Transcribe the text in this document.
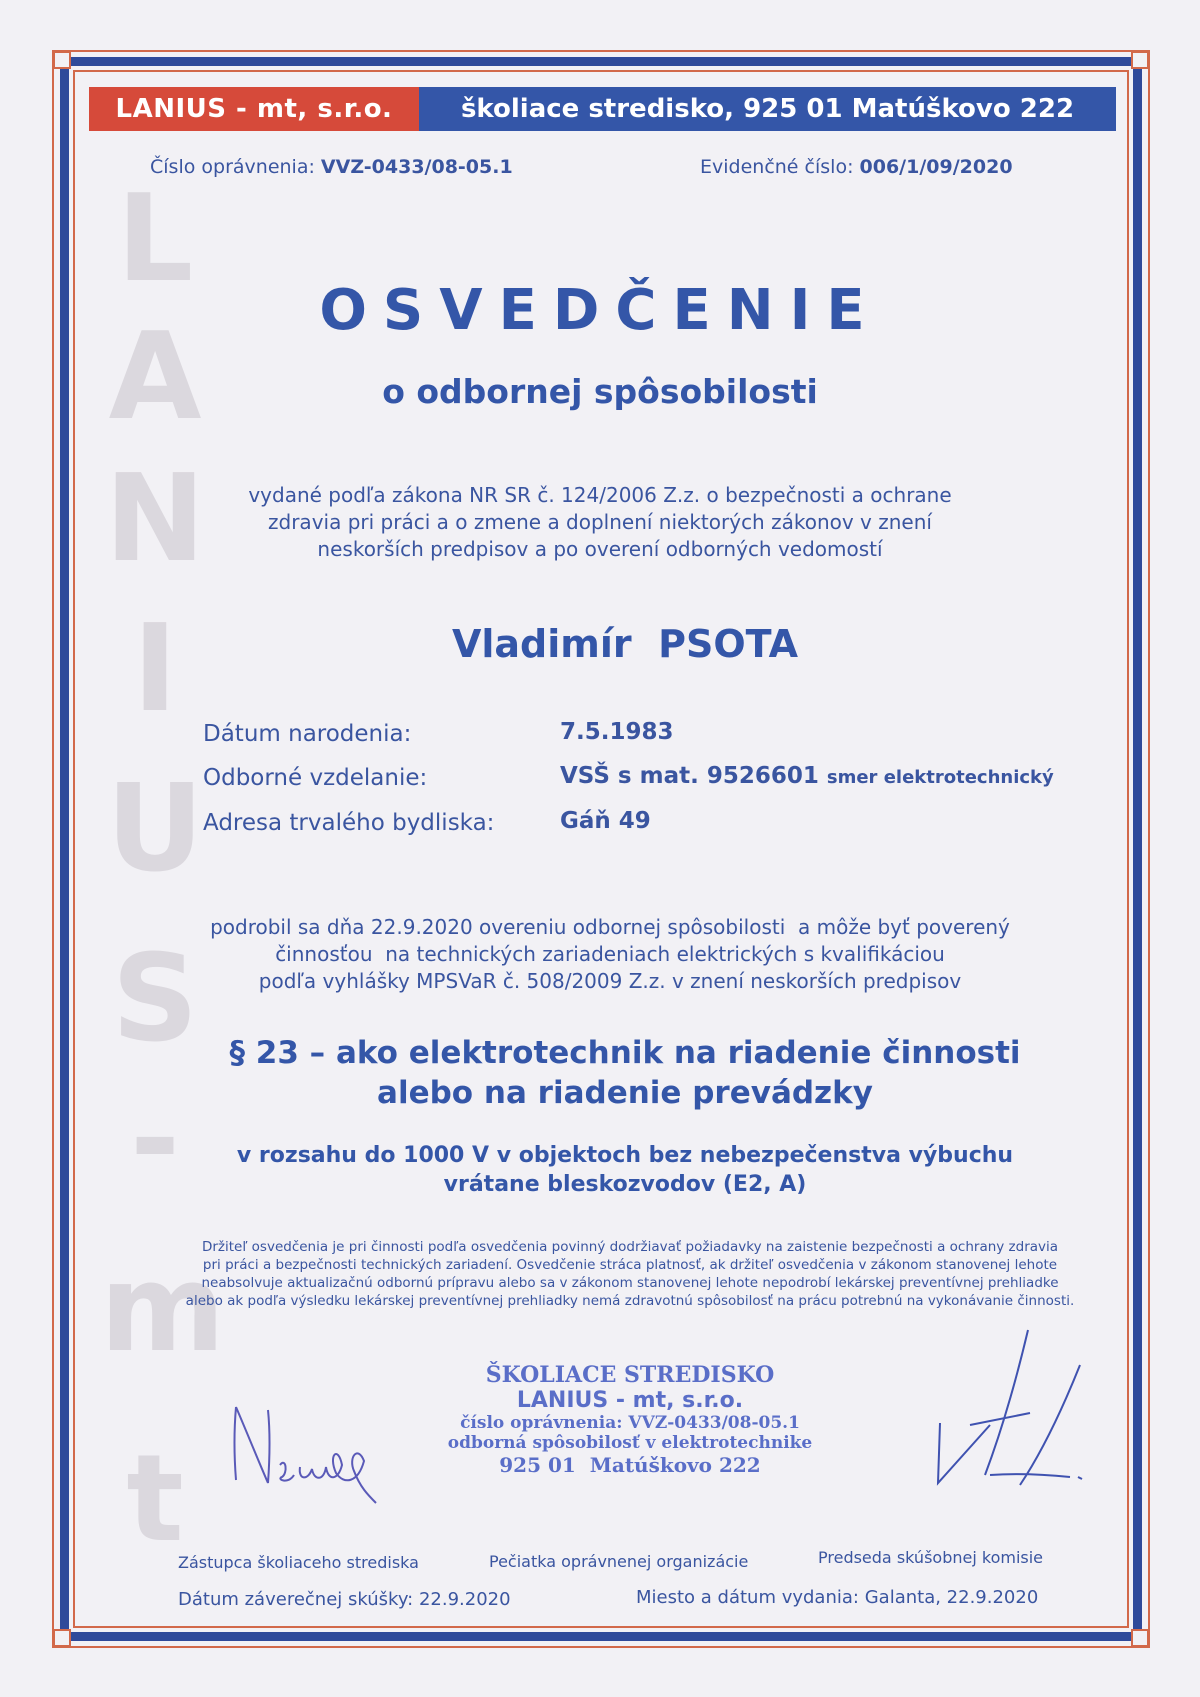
LANIUS - mt, s.r.o.	školiace stredisko, 925 01 Matúškovo 222
L
A
N
I
U
S
-
m
t
Číslo oprávnenia: VVZ-0433/08-05.1	Evidenčné číslo: 006/1/09/2020
OSVEDČENIE
o odbornej spôsobilosti
vydané podľa zákona NR SR č. 124/2006 Z.z. o bezpečnosti a ochrane
zdravia pri práci a o zmene a doplnení niektorých zákonov v znení
neskorších predpisov a po overení odborných vedomostí
Vladimír  PSOTA
Dátum narodenia:	7.5.1983
Odborné vzdelanie:	VSŠ s mat. 9526601 smer elektrotechnický
Adresa trvalého bydliska:	Gáň 49
podrobil sa dňa 22.9.2020 overeniu odbornej spôsobilosti  a môže byť poverený
činnosťou  na technických zariadeniach elektrických s kvalifikáciou
podľa vyhlášky MPSVaR č. 508/2009 Z.z. v znení neskorších predpisov
§ 23 – ako elektrotechnik na riadenie činnosti
alebo na riadenie prevádzky
v rozsahu do 1000 V v objektoch bez nebezpečenstva výbuchu
vrátane bleskozvodov (E2, A)
Držiteľ osvedčenia je pri činnosti podľa osvedčenia povinný dodržiavať požiadavky na zaistenie bezpečnosti a ochrany zdravia
pri práci a bezpečnosti technických zariadení. Osvedčenie stráca platnosť, ak držiteľ osvedčenia v zákonom stanovenej lehote
neabsolvuje aktualizačnú odbornú prípravu alebo sa v zákonom stanovenej lehote nepodrobí lekárskej preventívnej prehliadke
alebo ak podľa výsledku lekárskej preventívnej prehliadky nemá zdravotnú spôsobilosť na prácu potrebnú na vykonávanie činnosti.
ŠKOLIACE STREDISKO
LANIUS - mt, s.r.o.
číslo oprávnenia: VVZ-0433/08-05.1
odborná spôsobilosť v elektrotechnike
925 01  Matúškovo 222
Zástupca školiaceho strediska	Pečiatka oprávnenej organizácie	Predseda skúšobnej komisie
Dátum záverečnej skúšky: 22.9.2020	Miesto a dátum vydania: Galanta, 22.9.2020
